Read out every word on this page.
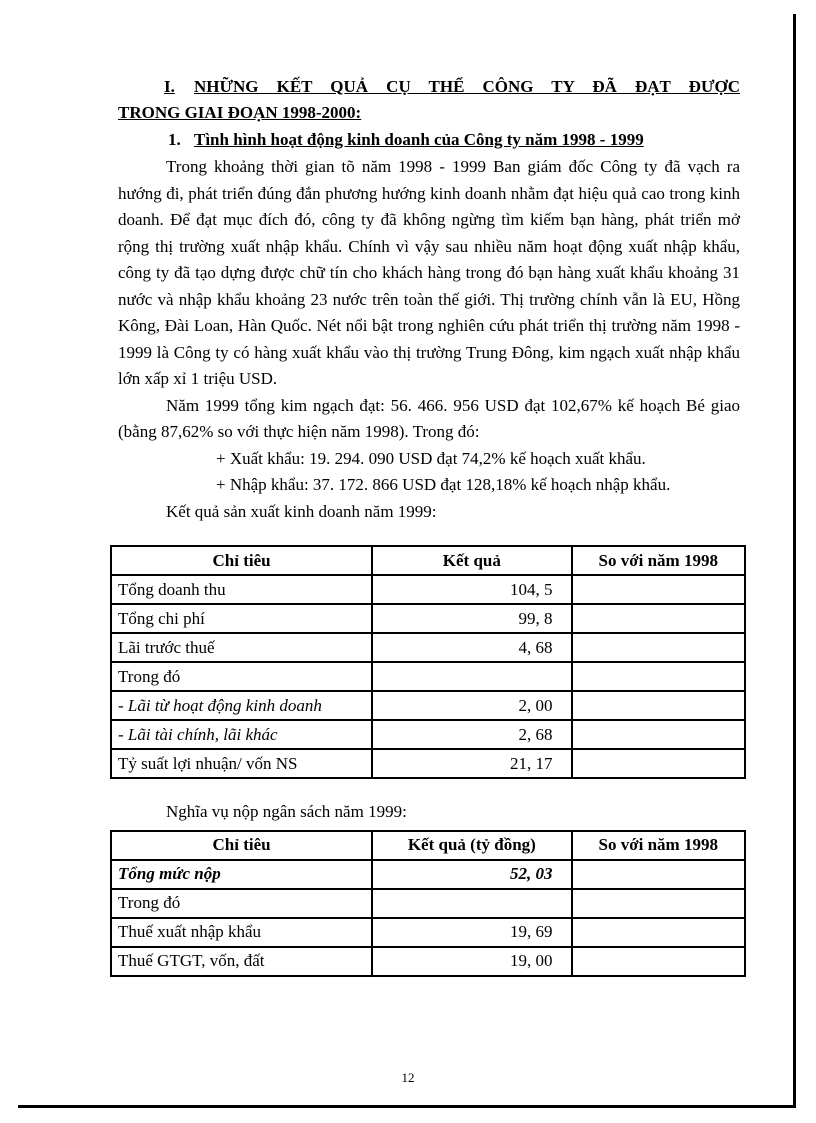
I.	NHỮNG KẾT QUẢ CỤ THỂ CÔNG TY ĐÃ ĐẠT ĐƯỢC
TRONG GIAI ĐOẠN 1998-2000:
1. Tình hình hoạt động kinh doanh của Công ty năm 1998 - 1999

Trong khoảng thời gian tõ năm 1998 - 1999 Ban giám đốc Công ty đã vạch ra hướng đi, phát triển đúng đắn phương hướng kinh doanh nhằm đạt hiệu quả cao trong kinh doanh. Để đạt mục đích đó, công ty đã không ngừng tìm kiếm bạn hàng, phát triển mở rộng thị trường xuất nhập khẩu. Chính vì vậy sau nhiều năm hoạt động xuất nhập khẩu, công ty đã tạo dựng được chữ tín cho khách hàng trong đó bạn hàng xuất khẩu khoảng 31 nước và nhập khẩu khoảng 23 nước trên toàn thế giới. Thị trường chính vẫn là EU, Hồng Kông, Đài Loan, Hàn Quốc. Nét nổi bật trong nghiên cứu phát triển thị trường năm 1998 - 1999 là Công ty có hàng xuất khẩu vào thị trường Trung Đông, kim ngạch xuất nhập khẩu lớn xấp xỉ 1 triệu USD.

Năm 1999 tổng kim ngạch đạt: 56. 466. 956 USD đạt 102,67% kế hoạch Bé giao (bằng 87,62% so với thực hiện năm 1998). Trong đó:

+ Xuất khẩu: 19. 294. 090 USD đạt 74,2% kế hoạch xuất khẩu.

+ Nhập khẩu: 37. 172. 866 USD đạt 128,18% kế hoạch nhập khẩu.

Kết quả sản xuất kinh doanh năm 1999:

Chỉ tiêu	Kết quả	So với năm 1998
Tổng doanh thu	104, 5	
Tổng chi phí	99, 8	
Lãi trước thuế	4, 68	
Trong đó		
- Lãi từ hoạt động kinh doanh	2, 00	
- Lãi tài chính, lãi khác	2, 68	
Tỷ suất lợi nhuận/ vốn NS	21, 17	

Nghĩa vụ nộp ngân sách năm 1999:

Chỉ tiêu	Kết quả (tỷ đồng)	So với năm 1998
Tổng mức nộp	52, 03	
Trong đó		
Thuế xuất nhập khẩu	19, 69	
Thuế GTGT, vốn, đất	19, 00	
12
